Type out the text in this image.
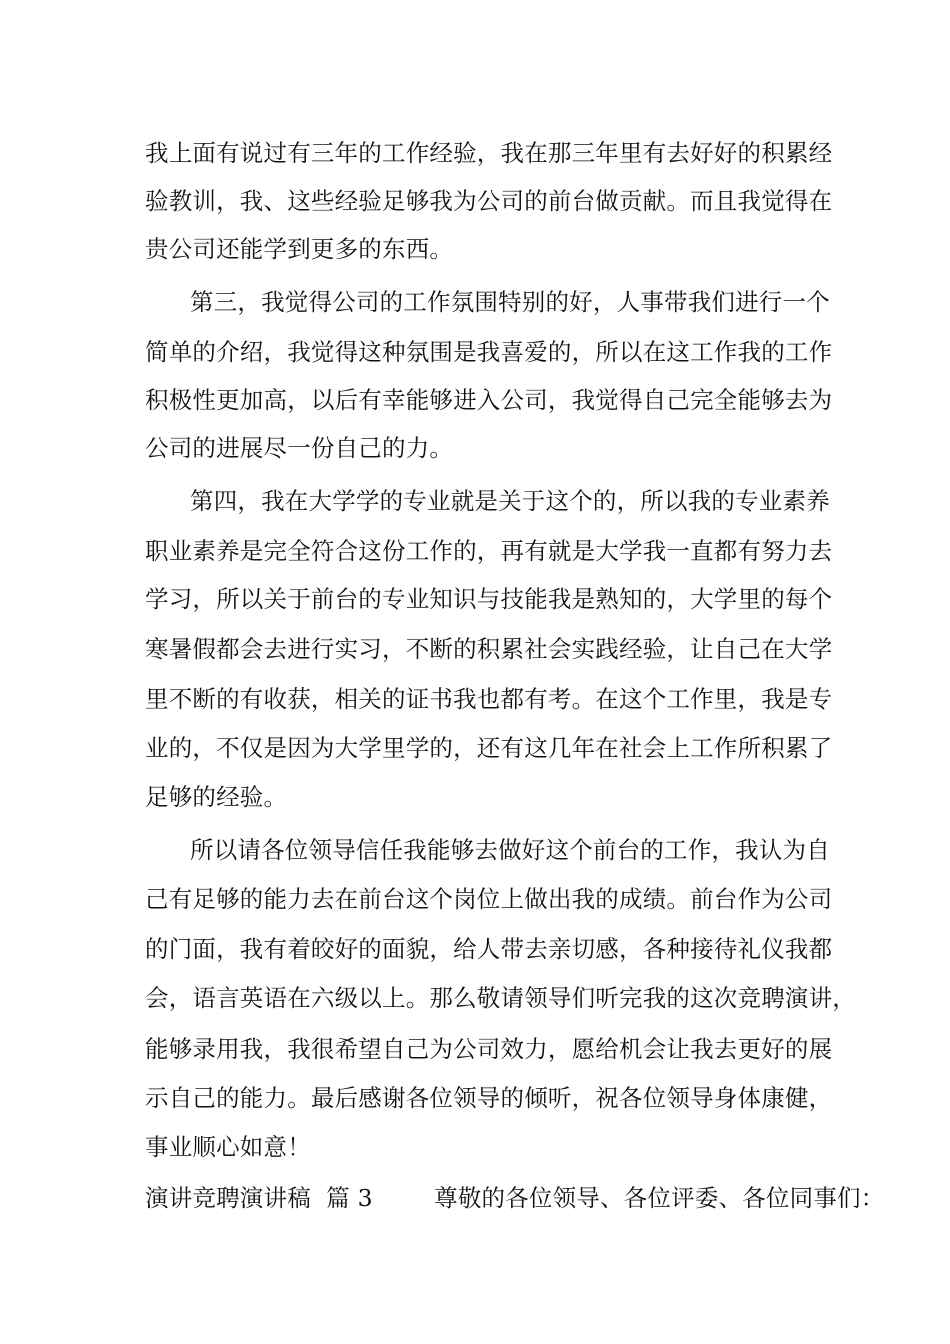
我上面有说过有三年的工作经验，我在那三年里有去好好的积累经
验教训，我、这些经验足够我为公司的前台做贡献。而且我觉得在
贵公司还能学到更多的东西。
第三，我觉得公司的工作氛围特别的好，人事带我们进行一个
简单的介绍，我觉得这种氛围是我喜爱的，所以在这工作我的工作
积极性更加高，以后有幸能够进入公司，我觉得自己完全能够去为
公司的进展尽一份自己的力。
第四，我在大学学的专业就是关于这个的，所以我的专业素养
职业素养是完全符合这份工作的，再有就是大学我一直都有努力去
学习，所以关于前台的专业知识与技能我是熟知的，大学里的每个
寒暑假都会去进行实习，不断的积累社会实践经验，让自己在大学
里不断的有收获，相关的证书我也都有考。在这个工作里，我是专
业的，不仅是因为大学里学的，还有这几年在社会上工作所积累了
足够的经验。
所以请各位领导信任我能够去做好这个前台的工作，我认为自
己有足够的能力去在前台这个岗位上做出我的成绩。前台作为公司
的门面，我有着皎好的面貌，给人带去亲切感，各种接待礼仪我都
会，语言英语在六级以上。那么敬请领导们听完我的这次竞聘演讲，
能够录用我，我很希望自己为公司效力，愿给机会让我去更好的展
示自己的能力。最后感谢各位领导的倾听，祝各位领导身体康健，
事业顺心如意！
演讲竞聘演讲稿  篇 3        尊敬的各位领导、各位评委、各位同事们：
